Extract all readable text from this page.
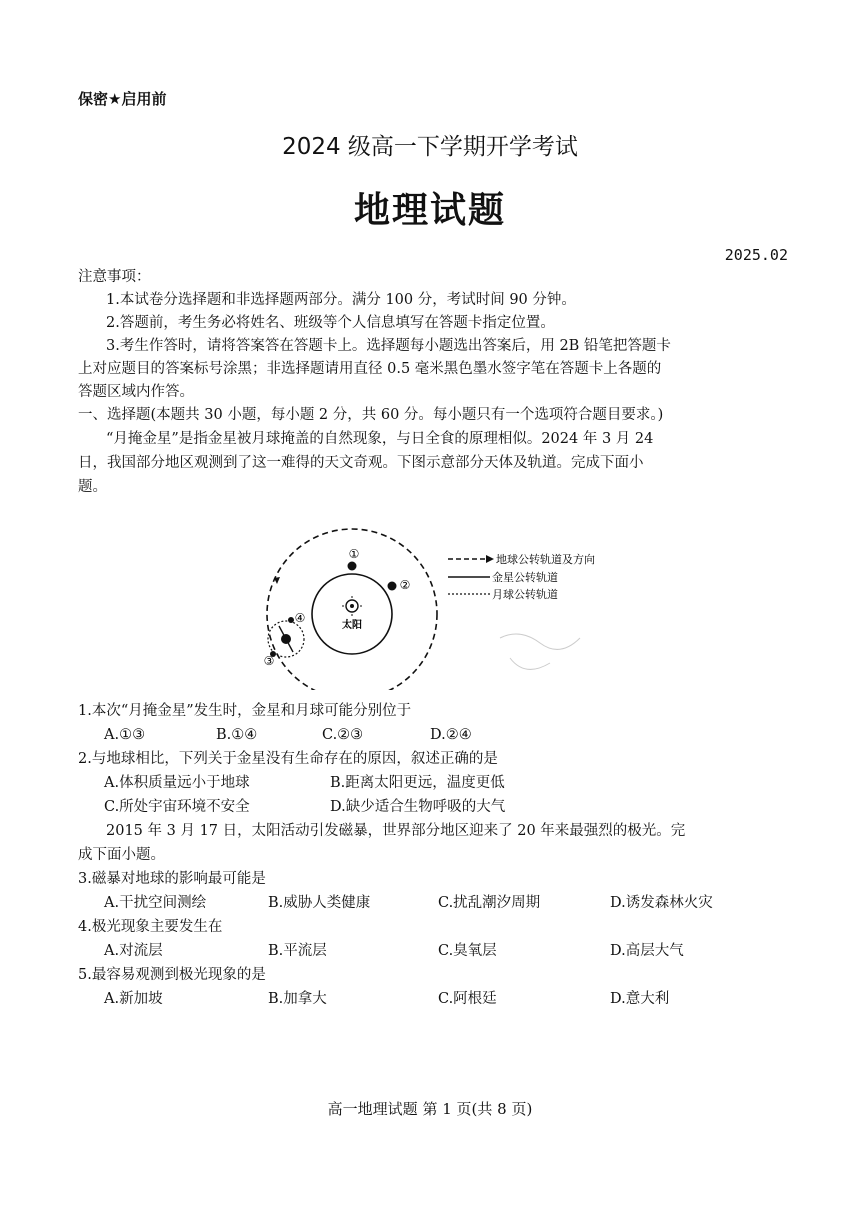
保密★启用前
2024 级高一下学期开学考试
地理试题
2025.02
注意事项：
1.本试卷分选择题和非选择题两部分。满分 100 分，考试时间 90 分钟。
2.答题前，考生务必将姓名、班级等个人信息填写在答题卡指定位置。
3.考生作答时，请将答案答在答题卡上。选择题每小题选出答案后，用 2B 铅笔把答题卡
上对应题目的答案标号涂黑；非选择题请用直径 0.5 毫米黑色墨水签字笔在答题卡上各题的
答题区域内作答。
一、选择题(本题共 30 小题，每小题 2 分，共 60 分。每小题只有一个选项符合题目要求。)
“月掩金星”是指金星被月球掩盖的自然现象，与日全食的原理相似。2024 年 3 月 24
日，我国部分地区观测到了这一难得的天文奇观。下图示意部分天体及轨道。完成下面小
题。
太阳
①
②
③
④
地球公转轨道及方向
金星公转轨道
月球公转轨道
1.本次“月掩金星”发生时，金星和月球可能分别位于
A.①③	B.①④	C.②③	D.②④
2.与地球相比，下列关于金星没有生命存在的原因，叙述正确的是
A.体积质量远小于地球	B.距离太阳更远，温度更低
C.所处宇宙环境不安全	D.缺少适合生物呼吸的大气
2015 年 3 月 17 日，太阳活动引发磁暴，世界部分地区迎来了 20 年来最强烈的极光。完
成下面小题。
3.磁暴对地球的影响最可能是
A.干扰空间测绘	B.威胁人类健康	C.扰乱潮汐周期	D.诱发森林火灾
4.极光现象主要发生在
A.对流层	B.平流层	C.臭氧层	D.高层大气
5.最容易观测到极光现象的是
A.新加坡	B.加拿大	C.阿根廷	D.意大利
高一地理试题 第 1 页(共 8 页)
